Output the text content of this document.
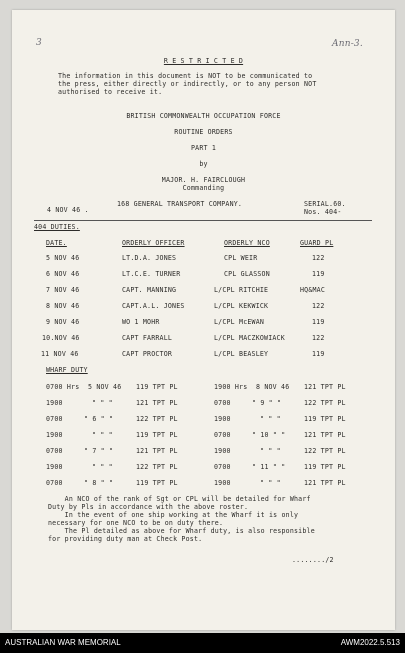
3	Ann-3.
R E S T R I C T E D
The information in this document is NOT to be communicated to
the press, either directly or indirectly, or to any person NOT
authorised to receive it.
BRITISH COMMONWEALTH OCCUPATION FORCE
ROUTINE ORDERS
PART 1
by
MAJOR. H. FAIRCLOUGH
Commanding
4 NOV 46 .
168 GENERAL TRANSPORT COMPANY.	SERIAL.60.
Nos. 404-
404 DUTIES.
DATE.	ORDERLY OFFICER	ORDERLY NCO	GUARD PL
5 NOV 46	LT.D.A. JONES	CPL WEIR	122
6 NOV 46	LT.C.E. TURNER	CPL GLASSON	119
7 NOV 46	CAPT. MANNING	L/CPL RITCHIE	HQ&MAC
8 NOV 46	CAPT.A.L. JONES	L/CPL KEKWICK	122
9 NOV 46	WO 1 MOHR	L/CPL McEWAN	119
10.NOV 46	CAPT FARRALL	L/CPL MACZKOWIACK	122
11 NOV 46	CAPT PROCTOR	L/CPL BEASLEY	119
WHARF DUTY
0700 Hrs 5 NOV 46 119 TPT PL	1900 Hrs 8 NOV 46 121 TPT PL
1900	" " "	121 TPT PL	0700	" 9 " "	122 TPT PL
0700	" 6 " "	122 TPT PL	1900	" " "	119 TPT PL
1900	" " "	119 TPT PL	0700	" 10 " "	121 TPT PL
0700	" 7 " "	121 TPT PL	1900	" " "	122 TPT PL
1900	" " "	122 TPT PL	0700	" 11 " "	119 TPT PL
0700	" 8 " "	119 TPT PL	1900	" " "	121 TPT PL
An NCO of the rank of Sgt or CPL will be detailed for Wharf
Duty by Pls in accordance with the above roster.
In the event of one ship working at the Wharf it is only
necessary for one NCO to be on duty there.
The Pl detailed as above for Wharf duty, is also responsible
for providing duty man at Check Post.
......../2
AUSTRALIAN WAR MEMORIAL	AWM2022.5.513
